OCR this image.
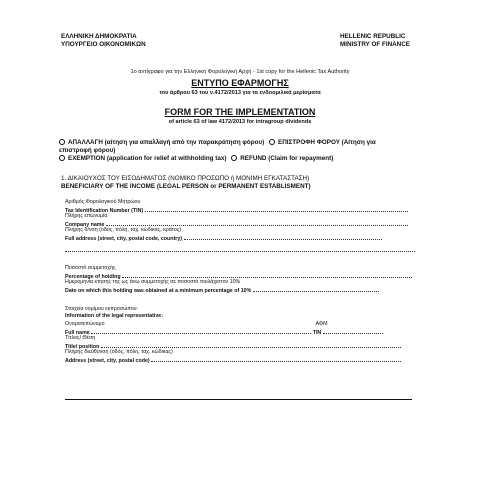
ΕΛΛΗΝΙΚΗ ΔΗΜΟΚΡΑΤΙΑ
ΥΠΟΥΡΓΕΙΟ ΟΙΚΟΝΟΜΙΚΩΝ
HELLENIC REPUBLIC
MINISTRY OF FINANCE
1ο αντίγραφο για την Ελληνική Φορολογική Αρχή - 1st copy for the Hellenic Tax Authority
ΕΝΤΥΠΟ ΕΦΑΡΜΟΓΗΣ
του άρθρου 63 του ν.4172/2013 για τα ενδοομιλικά μερίσματα
FORM FOR THE IMPLEMENTATION
of article 63 of law 4172/2013 for intragroup dividends
ΑΠΑΛΛΑΓΗ (αίτηση για απαλλαγή από την παρακράτηση φόρου) ΕΠΙΣΤΡΟΦΗ ΦΟΡΟΥ (Αίτηση για
επιστροφή φόρου)
EXEMPTION (application for relief at withholding tax) REFUND (Claim for repayment)
1. ΔΙΚΑΙΟΥΧΟΣ ΤΟΥ ΕΙΣΟΔΗΜΑΤΟΣ (ΝΟΜΙΚΟ ΠΡΟΣΩΠΟ ή ΜΟΝΙΜΗ ΕΓΚΑΤΑΣΤΑΣΗ)
BENEFICIARY OF THE INCOME (LEGAL PERSON or PERMANENT ESTABLISMENT)
Αριθμός Φορολογικού Μητρώου
Tax Identification Number (TIN)
Πλήρης επωνυμία
Company name
Πλήρης δ/νση (οδός, πόλη, ταχ. κώδικας, κράτος)
Full address (street, city, postal code, country)
Ποσοστό συμμετοχής
Percentage of holding
Ημερομηνία κτήσης της ως άνω συμμετοχής σε ποσοστό τουλάχιστον 10%
Date on which this holding was obtained at a minimum percentage of 10%
Στοιχεία νομίμου εκπροσώπου:
Information of the legal representative:
Ονοματεπώνυμο	ΑΦΜ
Full name	TIN
Τίτλος/ Θέση
Title/ position
Πλήρης διεύθυνση (οδός, πόλη, ταχ. κώδικας)
Address (street, city, postal code)
